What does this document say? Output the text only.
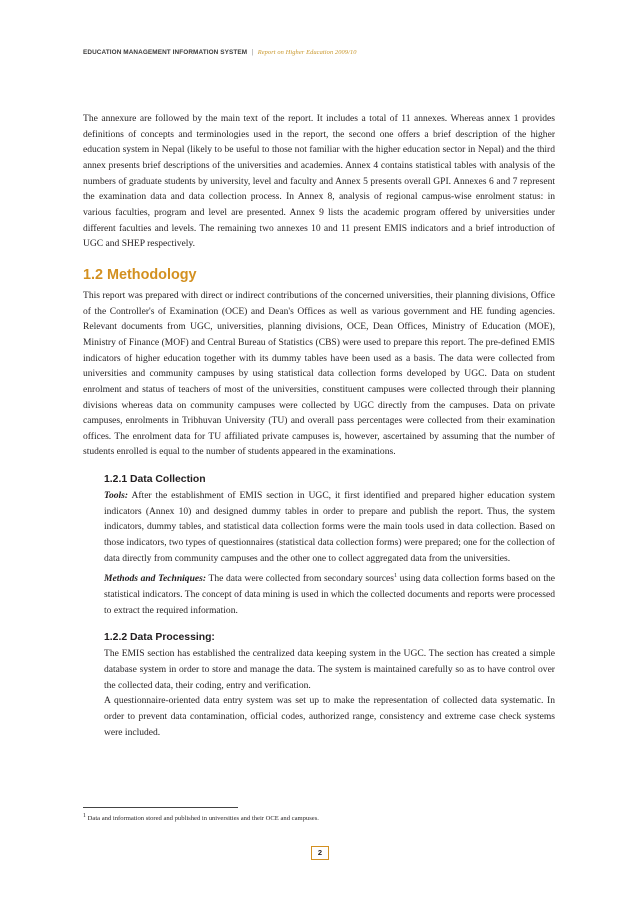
EDUCATION MANAGEMENT INFORMATION SYSTEM | Report on Higher Education 2009/10

The annexure are followed by the main text of the report. It includes a total of 11 annexes. Whereas annex 1 provides definitions of concepts and terminologies used in the report, the second one offers a brief description of the higher education system in Nepal (likely to be useful to those not familiar with the higher education sector in Nepal) and the third annex presents brief descriptions of the universities and academies. Annex 4 contains statistical tables with analysis of the numbers of graduate students by university, level and faculty and Annex 5 presents overall GPI. Annexes 6 and 7 represent the examination data and data collection process. In Annex 8, analysis of regional campus-wise enrolment status: in various faculties, program and level are presented. Annex 9 lists the academic program offered by universities under different faculties and levels. The remaining two annexes 10 and 11 present EMIS indicators and a brief introduction of UGC and SHEP respectively.

1.2 Methodology

This report was prepared with direct or indirect contributions of the concerned universities, their planning divisions, Office of the Controller's of Examination (OCE) and Dean's Offices as well as various government and HE funding agencies. Relevant documents from UGC, universities, planning divisions, OCE, Dean Offices, Ministry of Education (MOE), Ministry of Finance (MOF) and Central Bureau of Statistics (CBS) were used to prepare this report. The pre-defined EMIS indicators of higher education together with its dummy tables have been used as a basis. The data were collected from universities and community campuses by using statistical data collection forms developed by UGC. Data on student enrolment and status of teachers of most of the universities, constituent campuses were collected through their planning divisions whereas data on community campuses were collected by UGC directly from the campuses. Data on private campuses, enrolments in Tribhuvan University (TU) and overall pass percentages were collected from their examination offices. The enrolment data for TU affiliated private campuses is, however, ascertained by assuming that the number of students enrolled is equal to the number of students appeared in the examinations.

1.2.1 Data Collection

Tools: After the establishment of EMIS section in UGC, it first identified and prepared higher education system indicators (Annex 10) and designed dummy tables in order to prepare and publish the report. Thus, the system indicators, dummy tables, and statistical data collection forms were the main tools used in data collection. Based on those indicators, two types of questionnaires (statistical data collection forms) were prepared; one for the collection of data directly from community campuses and the other one to collect aggregated data from the universities.

Methods and Techniques: The data were collected from secondary sources$^1$ using data collection forms based on the statistical indicators. The concept of data mining is used in which the collected documents and reports were processed to extract the required information.

1.2.2 Data Processing:

The EMIS section has established the centralized data keeping system in the UGC. The section has created a simple database system in order to store and manage the data. The system is maintained carefully so as to have control over the collected data, their coding, entry and verification.

A questionnaire-oriented data entry system was set up to make the representation of collected data systematic. In order to prevent data contamination, official codes, authorized range, consistency and extreme case check systems were included.

$^1$ Data and information stored and published in universities and their OCE and campuses.
2
